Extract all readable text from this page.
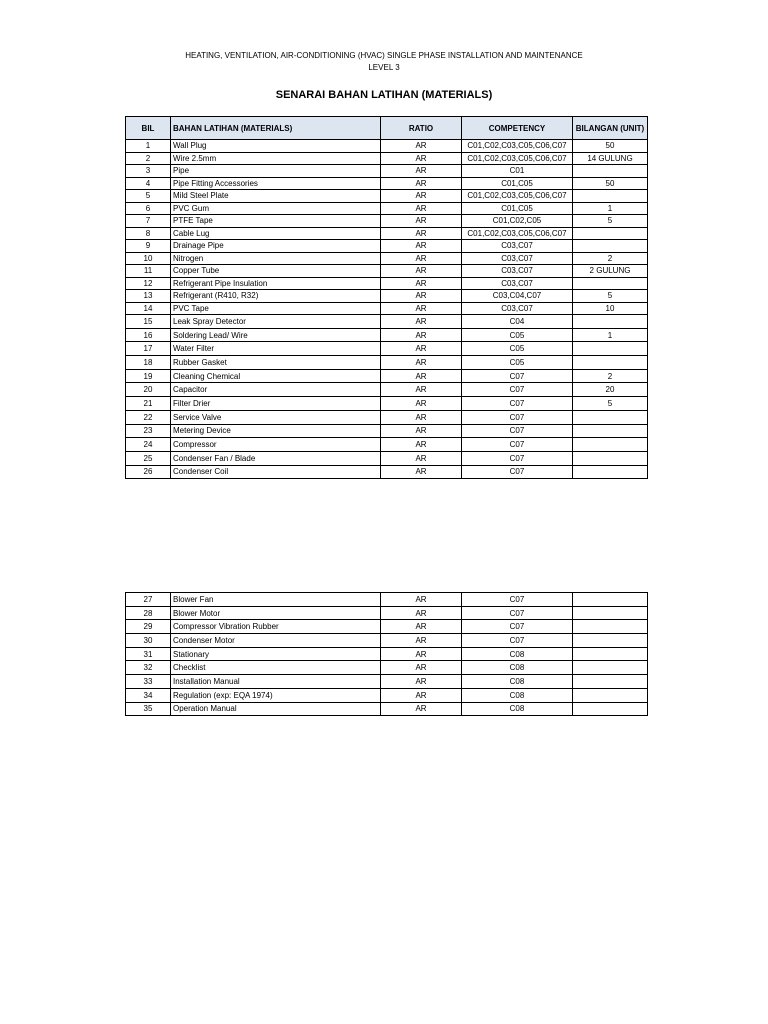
HEATING, VENTILATION, AIR-CONDITIONING (HVAC) SINGLE PHASE INSTALLATION AND MAINTENANCE
LEVEL 3
SENARAI BAHAN LATIHAN (MATERIALS)
BIL	BAHAN LATIHAN (MATERIALS)	RATIO	COMPETENCY	BILANGAN (UNIT)
1	Wall Plug	AR	C01,C02,C03,C05,C06,C07	50
2	Wire 2.5mm	AR	C01,C02,C03,C05,C06,C07	14 GULUNG
3	Pipe	AR	C01	
4	Pipe Fitting Accessories	AR	C01,C05	50
5	Mild Steel Plate	AR	C01,C02,C03,C05,C06,C07	
6	PVC Gum	AR	C01,C05	1
7	PTFE Tape	AR	C01,C02,C05	5
8	Cable Lug	AR	C01,C02,C03,C05,C06,C07	
9	Drainage Pipe	AR	C03,C07	
10	Nitrogen	AR	C03,C07	2
11	Copper Tube	AR	C03,C07	2 GULUNG
12	Refrigerant Pipe Insulation	AR	C03,C07	
13	Refrigerant (R410, R32)	AR	C03,C04,C07	5
14	PVC Tape	AR	C03,C07	10
15	Leak Spray Detector	AR	C04	
16	Soldering Lead/ Wire	AR	C05	1
17	Water Filter	AR	C05	
18	Rubber Gasket	AR	C05	
19	Cleaning Chemical	AR	C07	2
20	Capacitor	AR	C07	20
21	Filter Drier	AR	C07	5
22	Service Valve	AR	C07	
23	Metering Device	AR	C07	
24	Compressor	AR	C07	
25	Condenser Fan / Blade	AR	C07	
26	Condenser Coil	AR	C07	
27	Blower Fan	AR	C07	
28	Blower Motor	AR	C07	
29	Compressor Vibration Rubber	AR	C07	
30	Condenser Motor	AR	C07	
31	Stationary	AR	C08	
32	Checklist	AR	C08	
33	Installation Manual	AR	C08	
34	Regulation (exp: EQA 1974)	AR	C08	
35	Operation Manual	AR	C08	
